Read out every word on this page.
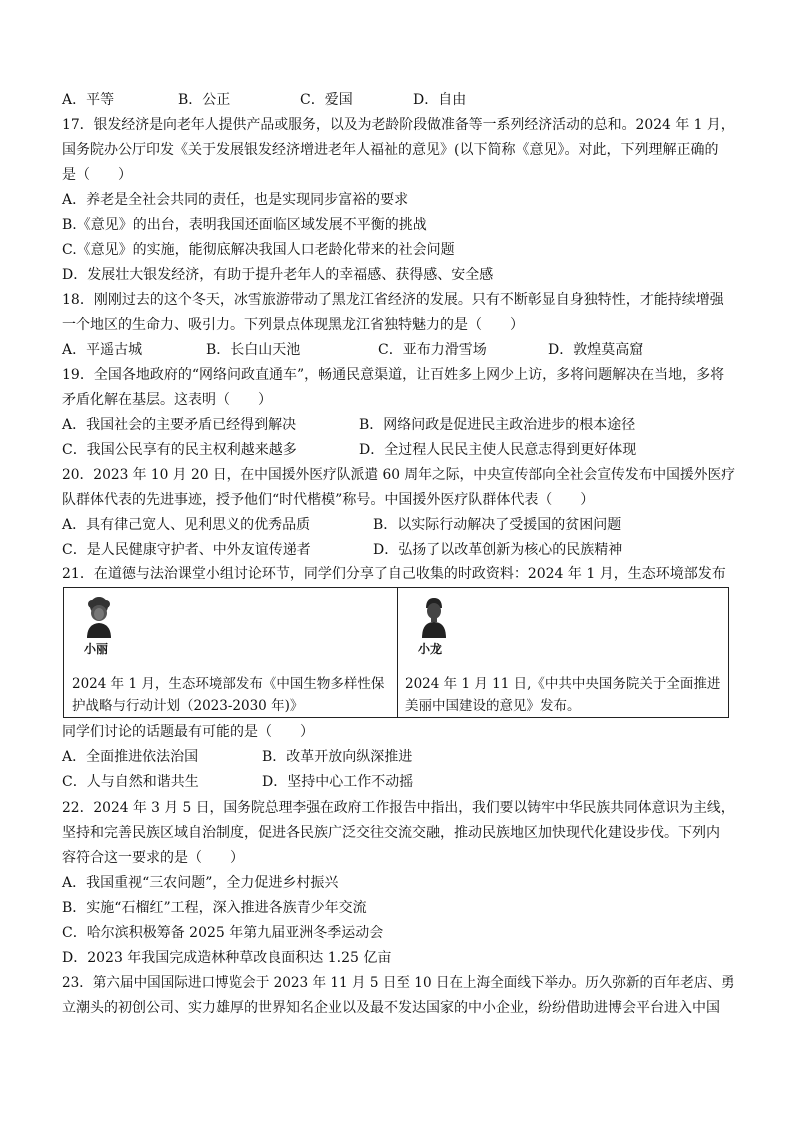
A．平等	B．公正	C．爱国	D．自由
17．银发经济是向老年人提供产品或服务，以及为老龄阶段做准备等一系列经济活动的总和。2024 年 1 月，
国务院办公厅印发《关于发展银发经济增进老年人福祉的意见》(以下简称《意见》。对此，下列理解正确的
是（　　）
A．养老是全社会共同的责任，也是实现同步富裕的要求
B.《意见》的出台，表明我国还面临区域发展不平衡的挑战
C.《意见》的实施，能彻底解决我国人口老龄化带来的社会问题
D．发展壮大银发经济，有助于提升老年人的幸福感、获得感、安全感
18．刚刚过去的这个冬天，冰雪旅游带动了黑龙江省经济的发展。只有不断彰显自身独特性，才能持续增强
一个地区的生命力、吸引力。下列景点体现黑龙江省独特魅力的是（　　）
A．平遥古城	B．长白山天池	C．亚布力滑雪场	D．敦煌莫高窟
19．全国各地政府的“网络问政直通车”，畅通民意渠道，让百姓多上网少上访，多将问题解决在当地，多将
矛盾化解在基层。这表明（　　）
A．我国社会的主要矛盾已经得到解决	B．网络问政是促进民主政治进步的根本途径
C．我国公民享有的民主权利越来越多	D．全过程人民民主使人民意志得到更好体现
20．2023 年 10 月 20 日，在中国援外医疗队派遣 60 周年之际，中央宣传部向全社会宣传发布中国援外医疗
队群体代表的先进事迹，授予他们“时代楷模”称号。中国援外医疗队群体代表（　　）
A．具有律己宽人、见利思义的优秀品质	B．以实际行动解决了受援国的贫困问题
C．是人民健康守护者、中外友谊传递者	D．弘扬了以改革创新为核心的民族精神
21．在道德与法治课堂小组讨论环节，同学们分享了自己收集的时政资料：2024 年 1 月，生态环境部发布
小丽	小龙
2024 年 1 月，生态环境部发布《中国生物多样性保
护战略与行动计划（2023-2030 年)》
2024 年 1 月 11 日,《中共中央国务院关于全面推进
美丽中国建设的意见》发布。
同学们讨论的话题最有可能的是（　　）
A．全面推进依法治国	B．改革开放向纵深推进
C．人与自然和谐共生	D．坚持中心工作不动摇
22．2024 年 3 月 5 日，国务院总理李强在政府工作报告中指出，我们要以铸牢中华民族共同体意识为主线，
坚持和完善民族区域自治制度，促进各民族广泛交往交流交融，推动民族地区加快现代化建设步伐。下列内
容符合这一要求的是（　　）
A．我国重视“三农问题”，全力促进乡村振兴
B．实施“石榴红”工程，深入推进各族青少年交流
C．哈尔滨积极筹备 2025 年第九届亚洲冬季运动会
D．2023 年我国完成造林种草改良面积达 1.25 亿亩
23．第六届中国国际进口博览会于 2023 年 11 月 5 日至 10 日在上海全面线下举办。历久弥新的百年老店、勇
立潮头的初创公司、实力雄厚的世界知名企业以及最不发达国家的中小企业，纷纷借助进博会平台进入中国
